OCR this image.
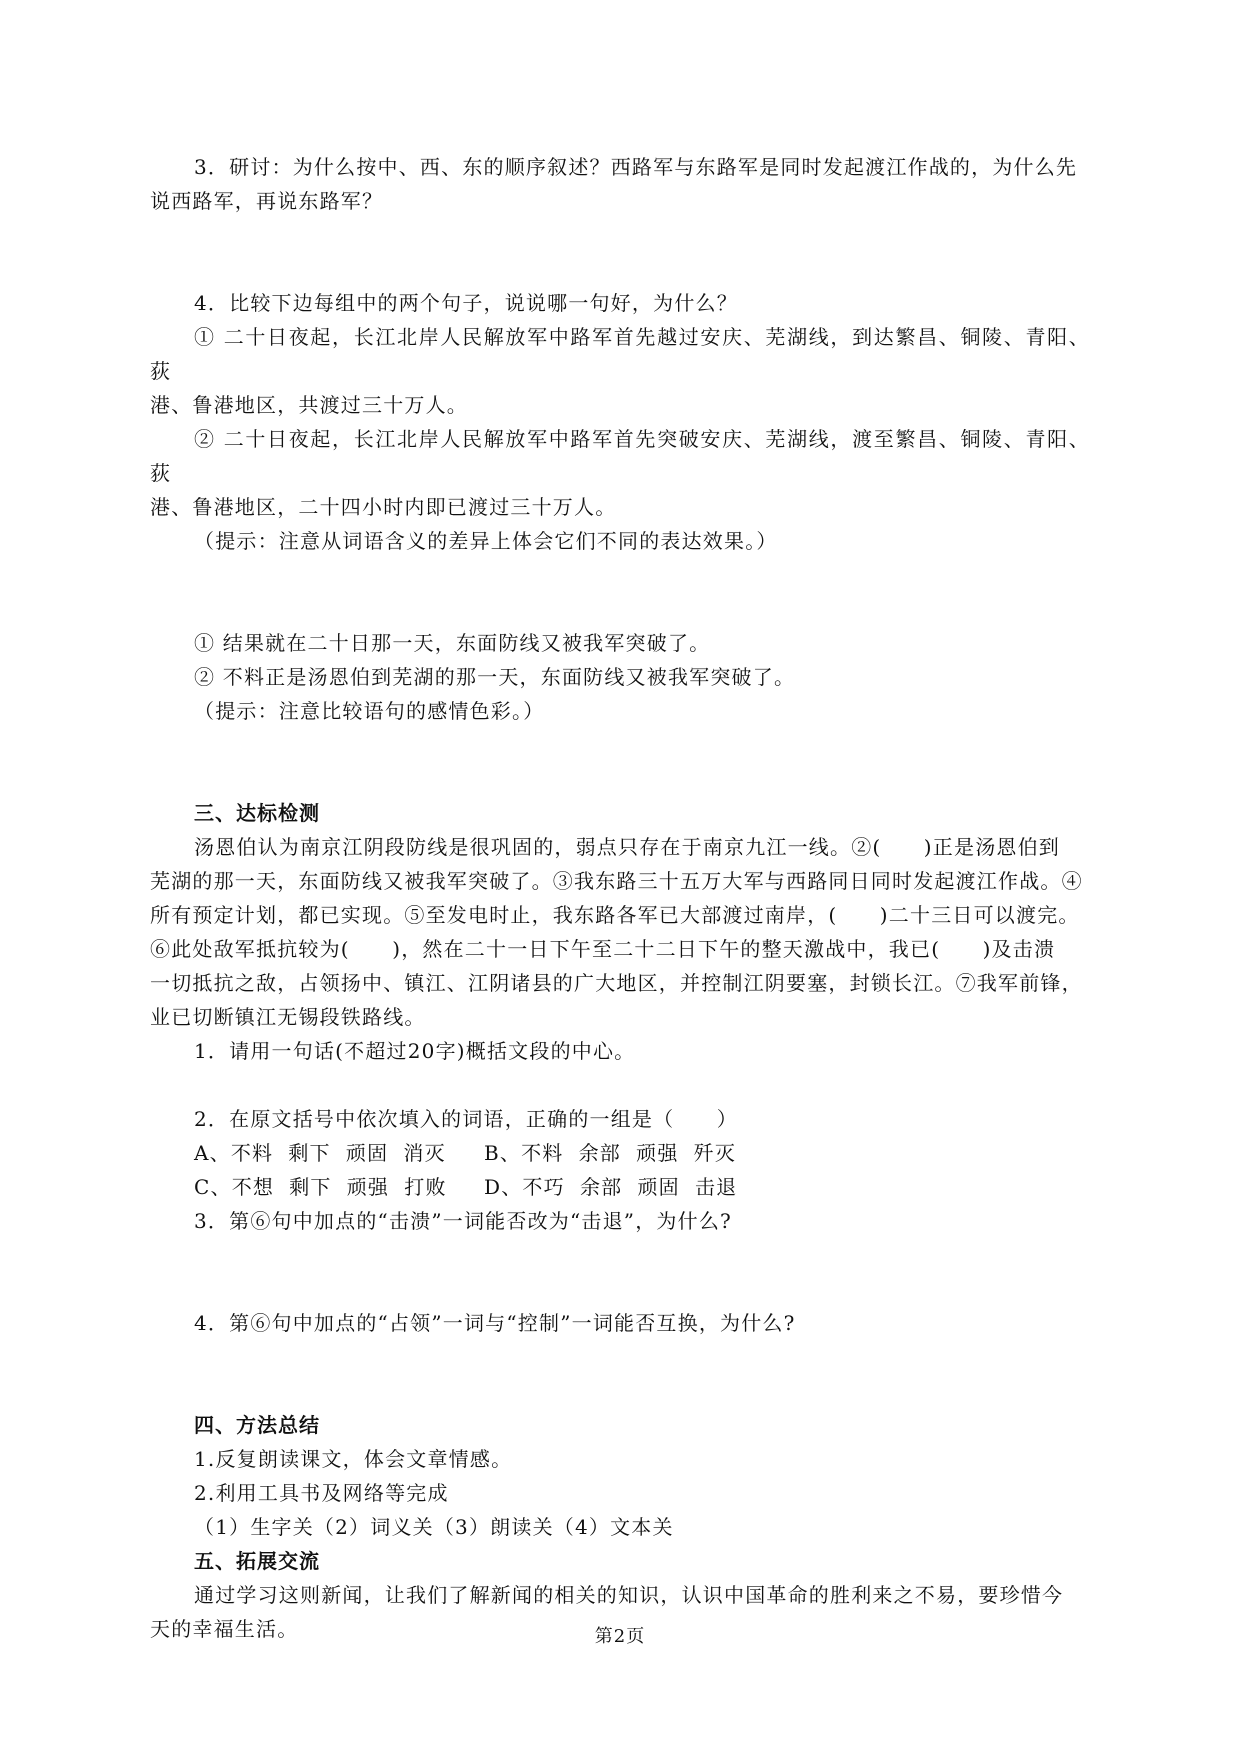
3．研讨：为什么按中、西、东的顺序叙述？西路军与东路军是同时发起渡江作战的，为什么先

说西路军，再说东路军？

4．比较下边每组中的两个句子，说说哪一句好，为什么？

① 二十日夜起，长江北岸人民解放军中路军首先越过安庆、芜湖线，到达繁昌、铜陵、青阳、荻

港、鲁港地区，共渡过三十万人。

② 二十日夜起，长江北岸人民解放军中路军首先突破安庆、芜湖线，渡至繁昌、铜陵、青阳、荻

港、鲁港地区，二十四小时内即已渡过三十万人。

（提示：注意从词语含义的差异上体会它们不同的表达效果。）

① 结果就在二十日那一天，东面防线又被我军突破了。

② 不料正是汤恩伯到芜湖的那一天，东面防线又被我军突破了。

（提示：注意比较语句的感情色彩。）

三、达标检测

汤恩伯认为南京江阴段防线是很巩固的，弱点只存在于南京九江一线。②(　　)正是汤恩伯到

芜湖的那一天，东面防线又被我军突破了。③我东路三十五万大军与西路同日同时发起渡江作战。④

所有预定计划，都已实现。⑤至发电时止，我东路各军已大部渡过南岸，(　　)二十三日可以渡完。

⑥此处敌军抵抗较为(　　)，然在二十一日下午至二十二日下午的整天激战中，我已(　　)及击溃

一切抵抗之敌，占领扬中、镇江、江阴诸县的广大地区，并控制江阴要塞，封锁长江。⑦我军前锋，

业已切断镇江无锡段铁路线。

1．请用一句话(不超过20字)概括文段的中心。

2．在原文括号中依次填入的词语，正确的一组是（　　）

A、不料  剩下  顽固  消灭	B、不料  余部  顽强  歼灭
C、不想  剩下  顽强  打败	D、不巧  余部  顽固  击退

3．第⑥句中加点的“击溃”一词能否改为“击退”，为什么?

4．第⑥句中加点的“占领”一词与“控制”一词能否互换，为什么?

四、方法总结

1.反复朗读课文，体会文章情感。

2.利用工具书及网络等完成

（1）生字关（2）词义关（3）朗读关（4）文本关

五、拓展交流

通过学习这则新闻，让我们了解新闻的相关的知识，认识中国革命的胜利来之不易，要珍惜今

天的幸福生活。	第2页
